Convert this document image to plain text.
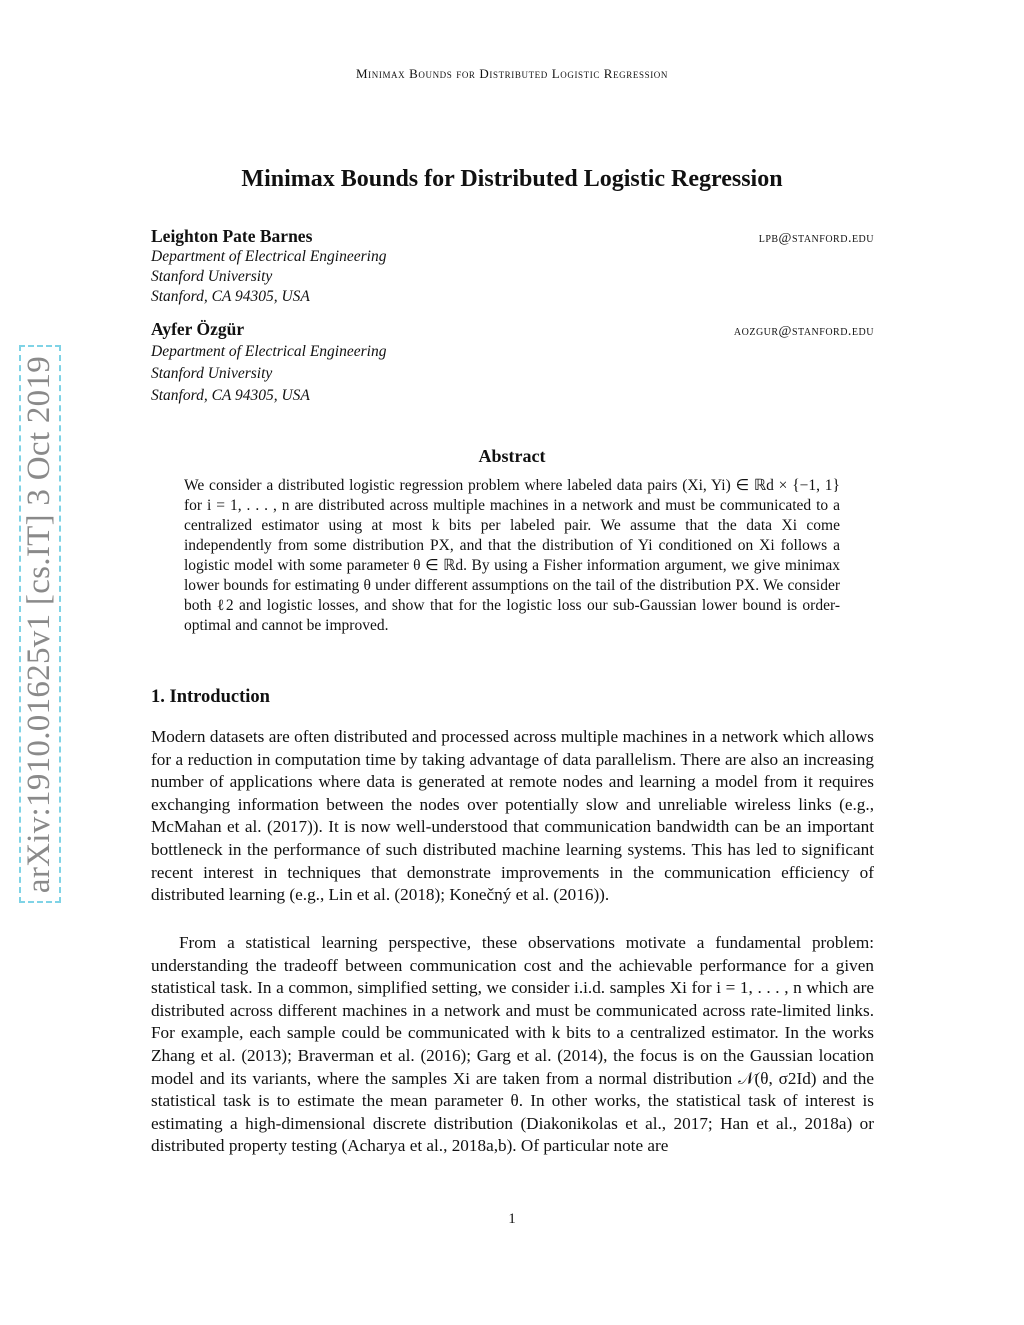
Minimax Bounds for Distributed Logistic Regression
arXiv:1910.01625v1 [cs.IT] 3 Oct 2019
Minimax Bounds for Distributed Logistic Regression
Leighton Pate Barnes	lpb@stanford.edu
Department of Electrical Engineering
Stanford University
Stanford, CA 94305, USA
Ayfer Özgür	aozgur@stanford.edu
Department of Electrical Engineering
Stanford University
Stanford, CA 94305, USA
Abstract

We consider a distributed logistic regression problem where labeled data pairs (Xi, Yi) ∈ ℝd × {−1, 1} for i = 1, . . . , n are distributed across multiple machines in a network and must be communicated to a centralized estimator using at most k bits per labeled pair. We assume that the data Xi come independently from some distribution PX, and that the distribution of Yi conditioned on Xi follows a logistic model with some parameter θ ∈ ℝd. By using a Fisher information argument, we give minimax lower bounds for estimating θ under different assumptions on the tail of the distribution PX. We consider both ℓ2 and logistic losses, and show that for the logistic loss our sub-Gaussian lower bound is order-optimal and cannot be improved.

1. Introduction

Modern datasets are often distributed and processed across multiple machines in a network which allows for a reduction in computation time by taking advantage of data parallelism. There are also an increasing number of applications where data is generated at remote nodes and learning a model from it requires exchanging information between the nodes over potentially slow and unreliable wireless links (e.g., McMahan et al. (2017)). It is now well-understood that communication bandwidth can be an important bottleneck in the performance of such distributed machine learning systems. This has led to significant recent interest in techniques that demonstrate improvements in the communication efficiency of distributed learning (e.g., Lin et al. (2018); Konečný et al. (2016)).

From a statistical learning perspective, these observations motivate a fundamental problem: understanding the tradeoff between communication cost and the achievable performance for a given statistical task. In a common, simplified setting, we consider i.i.d. samples Xi for i = 1, . . . , n which are distributed across different machines in a network and must be communicated across rate-limited links. For example, each sample could be communicated with k bits to a centralized estimator. In the works Zhang et al. (2013); Braverman et al. (2016); Garg et al. (2014), the focus is on the Gaussian location model and its variants, where the samples Xi are taken from a normal distribution 𝒩(θ, σ2Id) and the statistical task is to estimate the mean parameter θ. In other works, the statistical task of interest is estimating a high-dimensional discrete distribution (Diakonikolas et al., 2017; Han et al., 2018a) or distributed property testing (Acharya et al., 2018a,b). Of particular note are

1
